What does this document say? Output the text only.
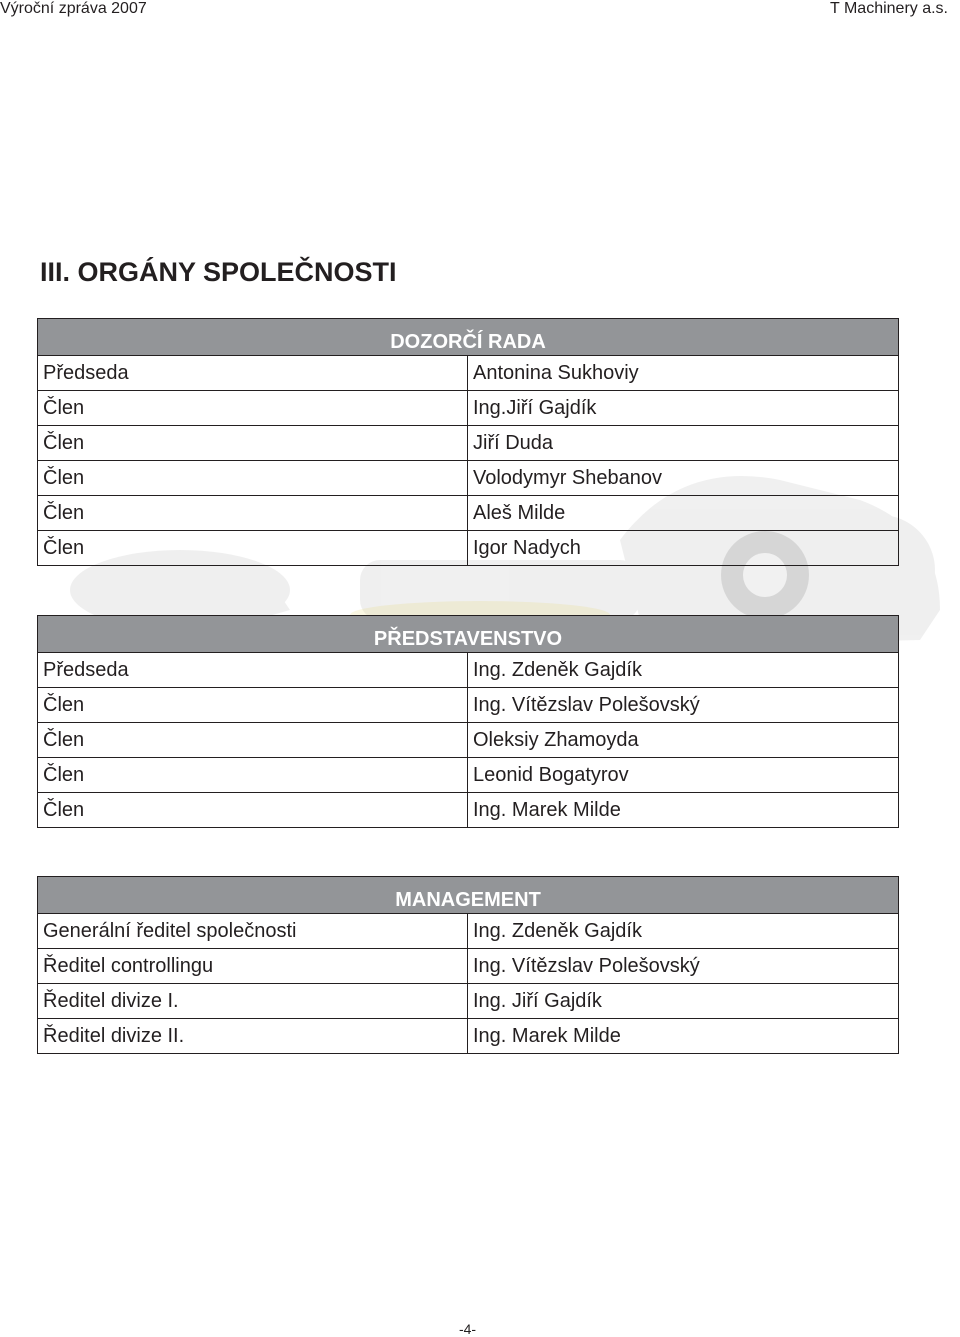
Výroční zpráva 2007	T Machinery a.s.
III. ORGÁNY SPOLEČNOSTI
DOZORČÍ RADA	
Předseda	Antonina Sukhoviy
Člen	Ing.Jiří Gajdík
Člen	Jiří Duda
Člen	Volodymyr Shebanov
Člen	Aleš Milde
Člen	Igor Nadych
PŘEDSTAVENSTVO	
Předseda	Ing. Zdeněk Gajdík
Člen	Ing. Vítězslav Polešovský
Člen	Oleksiy Zhamoyda
Člen	Leonid Bogatyrov
Člen	Ing. Marek Milde
MANAGEMENT	
Generální ředitel společnosti	Ing. Zdeněk Gajdík
Ředitel controllingu	Ing. Vítězslav Polešovský
Ředitel divize I.	Ing. Jiří Gajdík
Ředitel divize II.	Ing. Marek Milde
-4-
